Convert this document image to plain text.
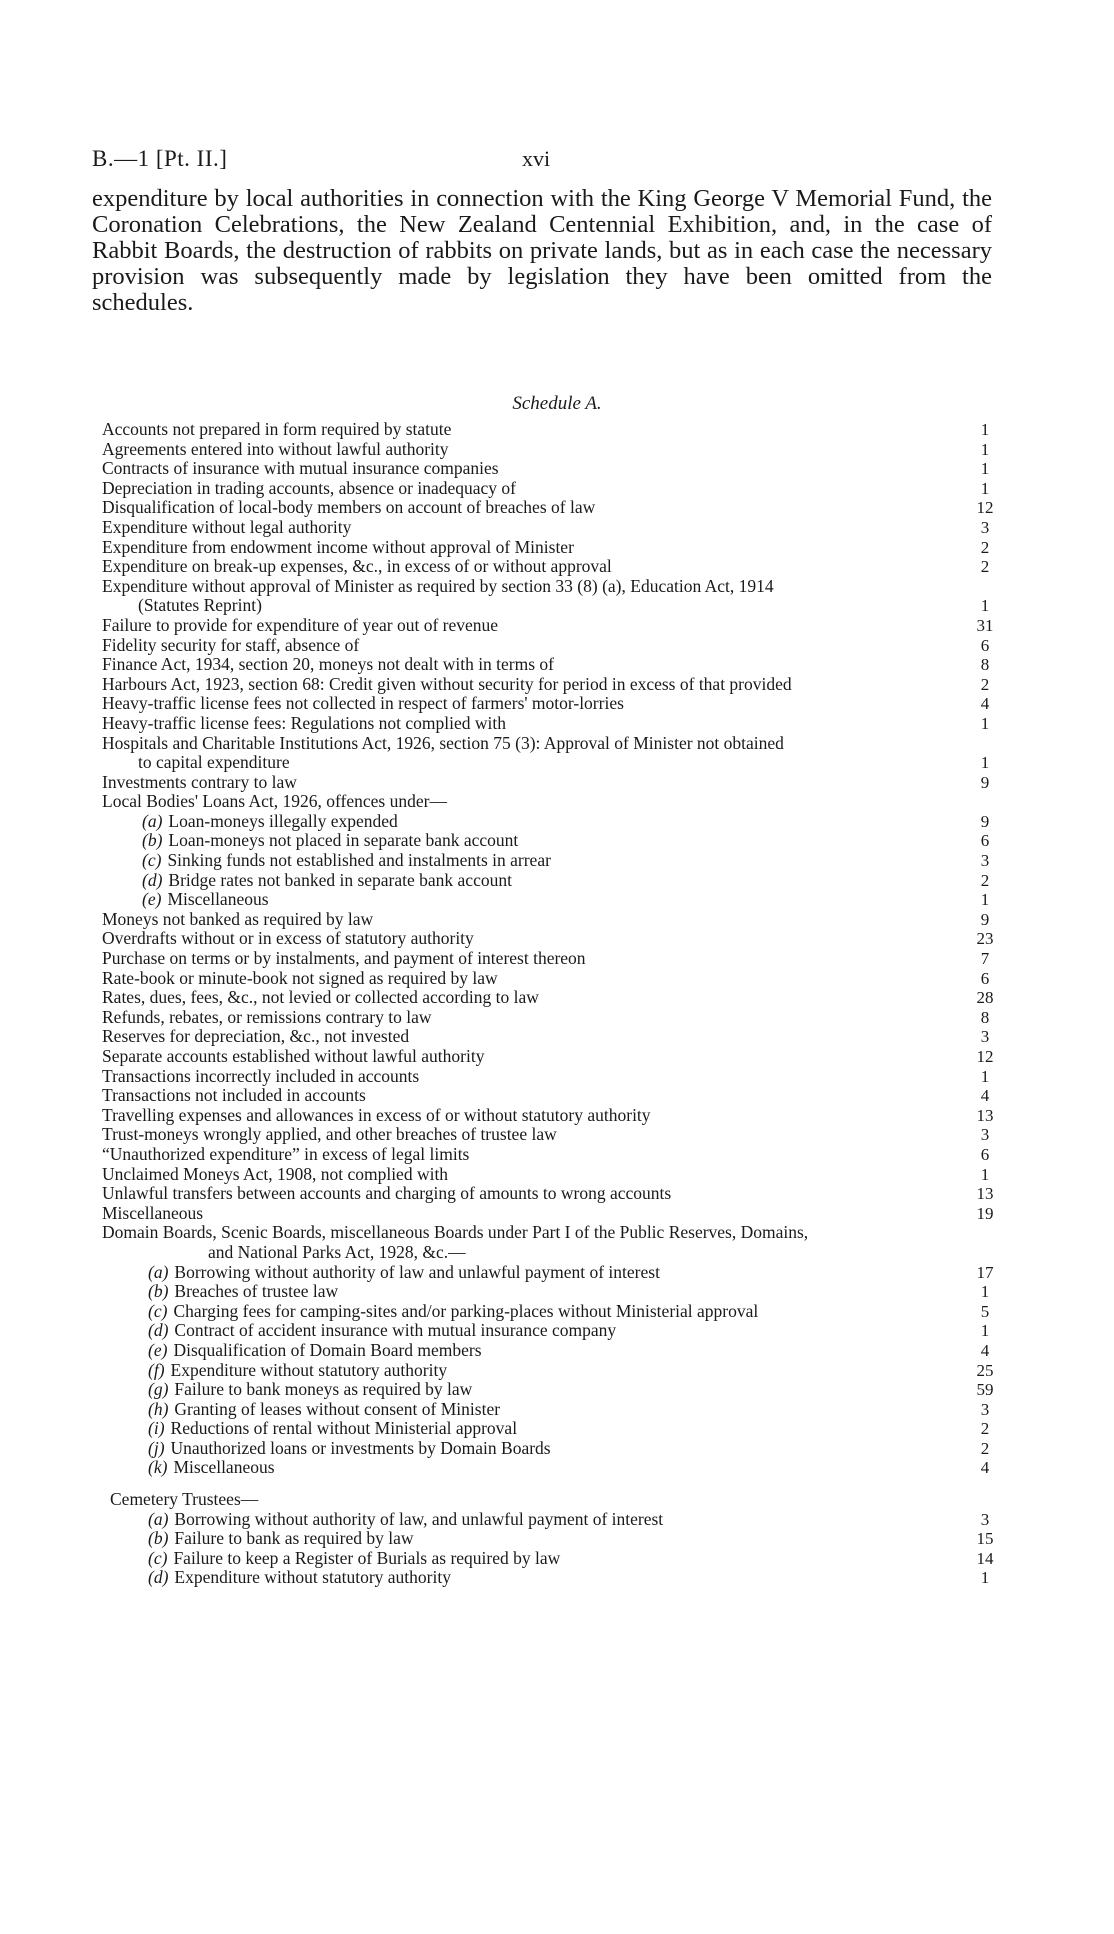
B.—1 [Pt. II.]	xvi

expenditure by local authorities in connection with the King George V Memorial Fund, the Coronation Celebrations, the New Zealand Centennial Exhibition, and, in the case of Rabbit Boards, the destruction of rabbits on private lands, but as in each case the necessary provision was subsequently made by legislation they have been omitted from the schedules.

Schedule A.
Accounts not prepared in form required by statute	1
Agreements entered into without lawful authority	1
Contracts of insurance with mutual insurance companies	1
Depreciation in trading accounts, absence or inadequacy of	1
Disqualification of local-body members on account of breaches of law	12
Expenditure without legal authority	3
Expenditure from endowment income without approval of Minister	2
Expenditure on break-up expenses, &c., in excess of or without approval	2
Expenditure without approval of Minister as required by section 33 (8) (a), Education Act, 1914
(Statutes Reprint)	1
Failure to provide for expenditure of year out of revenue	31
Fidelity security for staff, absence of	6
Finance Act, 1934, section 20, moneys not dealt with in terms of	8
Harbours Act, 1923, section 68: Credit given without security for period in excess of that provided	2
Heavy-traffic license fees not collected in respect of farmers' motor-lorries	4
Heavy-traffic license fees: Regulations not complied with	1
Hospitals and Charitable Institutions Act, 1926, section 75 (3): Approval of Minister not obtained
to capital expenditure	1
Investments contrary to law	9
Local Bodies' Loans Act, 1926, offences under—
(a) Loan-moneys illegally expended	9
(b) Loan-moneys not placed in separate bank account	6
(c) Sinking funds not established and instalments in arrear	3
(d) Bridge rates not banked in separate bank account	2
(e) Miscellaneous	1
Moneys not banked as required by law	9
Overdrafts without or in excess of statutory authority	23
Purchase on terms or by instalments, and payment of interest thereon	7
Rate-book or minute-book not signed as required by law	6
Rates, dues, fees, &c., not levied or collected according to law	28
Refunds, rebates, or remissions contrary to law	8
Reserves for depreciation, &c., not invested	3
Separate accounts established without lawful authority	12
Transactions incorrectly included in accounts	1
Transactions not included in accounts	4
Travelling expenses and allowances in excess of or without statutory authority	13
Trust-moneys wrongly applied, and other breaches of trustee law	3
“Unauthorized expenditure” in excess of legal limits	6
Unclaimed Moneys Act, 1908, not complied with	1
Unlawful transfers between accounts and charging of amounts to wrong accounts	13
Miscellaneous	19
Domain Boards, Scenic Boards, miscellaneous Boards under Part I of the Public Reserves, Domains,
and National Parks Act, 1928, &c.—
(a) Borrowing without authority of law and unlawful payment of interest	17
(b) Breaches of trustee law	1
(c) Charging fees for camping-sites and/or parking-places without Ministerial approval	5
(d) Contract of accident insurance with mutual insurance company	1
(e) Disqualification of Domain Board members	4
(f) Expenditure without statutory authority	25
(g) Failure to bank moneys as required by law	59
(h) Granting of leases without consent of Minister	3
(i) Reductions of rental without Ministerial approval	2
(j) Unauthorized loans or investments by Domain Boards	2
(k) Miscellaneous	4
Cemetery Trustees—
(a) Borrowing without authority of law, and unlawful payment of interest	3
(b) Failure to bank as required by law	15
(c) Failure to keep a Register of Burials as required by law	14
(d) Expenditure without statutory authority	1
